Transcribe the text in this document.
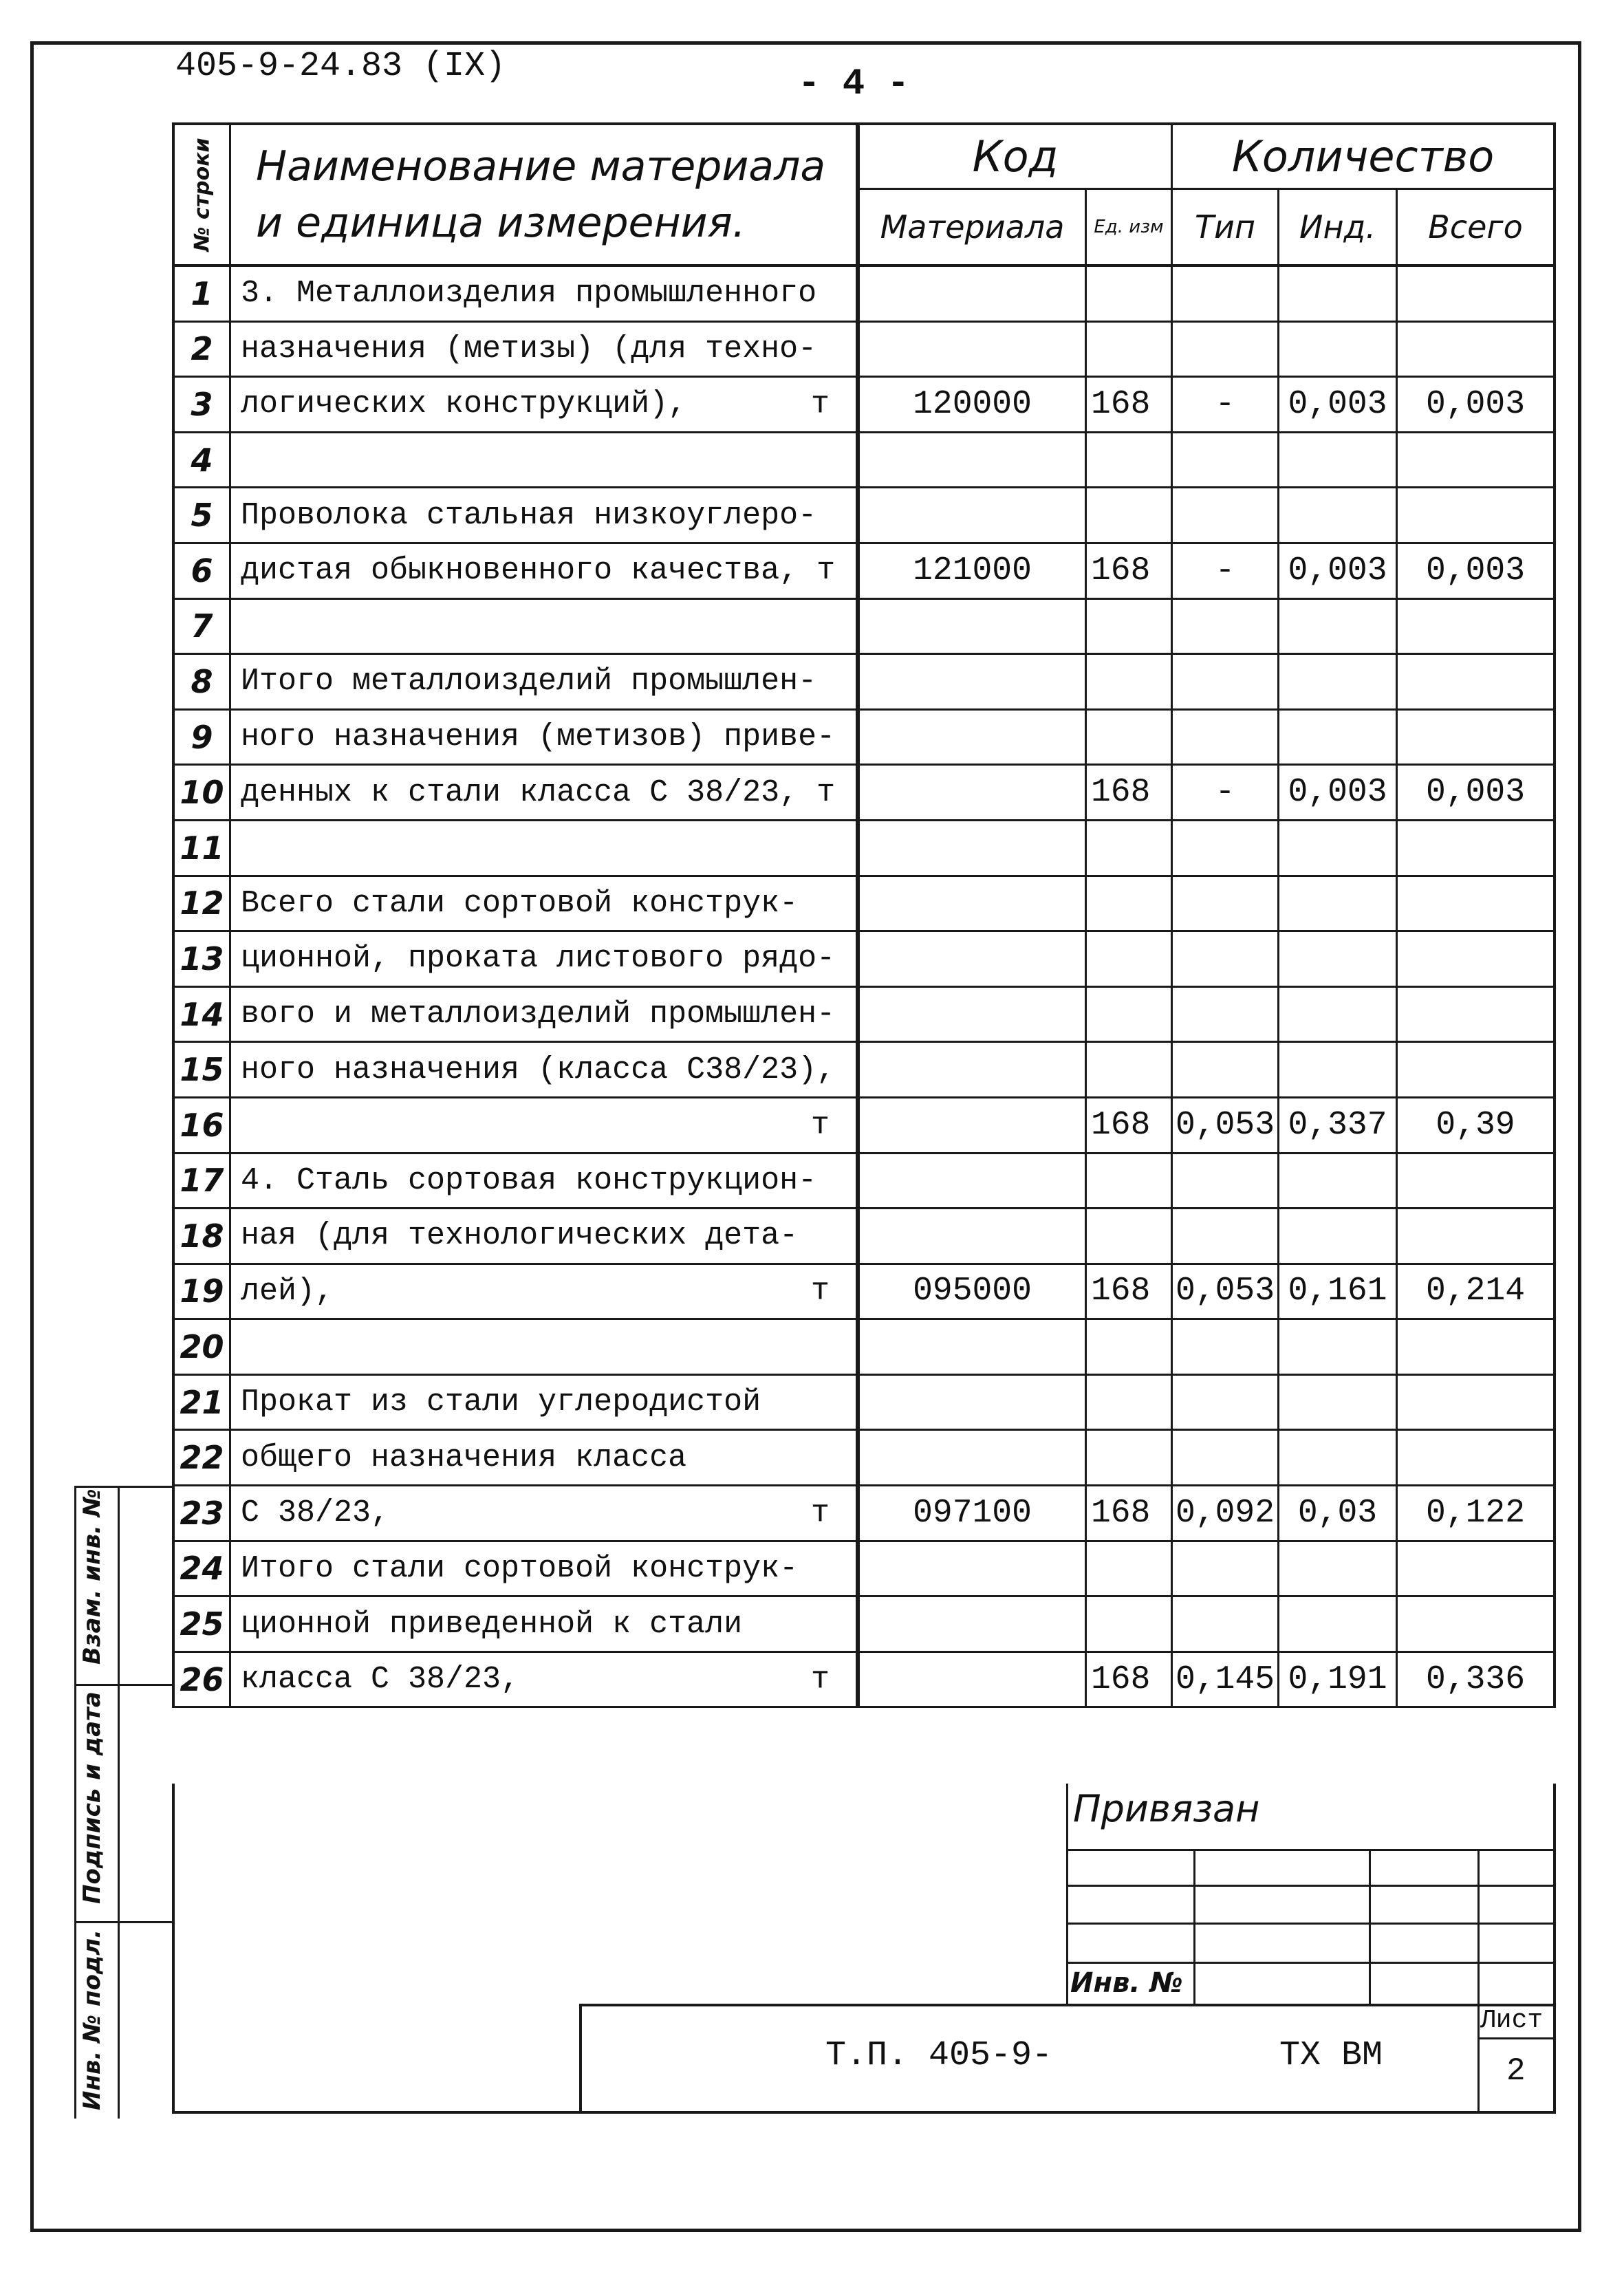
405-9-24.83 (IX)	- 4 -
№ строки Наименование материала
и единица измерения.
Код
Материала	Ед. изм
Количество
Тип	Инд.	Всего
1 3. Металлоизделия промышленного
2 назначения (метизы) (для техно-
3 логических конструкций),	т	120000 168 - 0,003 0,003
4
5 Проволока стальная низкоуглеро-
6 дистая обыкновенного качества, т 121000 168 - 0,003 0,003
7
8 Итого металлоизделий промышлен-
9 ного назначения (метизов) приве-
10 денных к стали класса С 38/23, т	168 - 0,003 0,003
11
12 Всего стали сортовой конструк-
13 ционной, проката листового рядо-
14 вого и металлоизделий промышлен-
15 ного назначения (класса С38/23),
16	т	168 0,053 0,337 0,39
17 4. Сталь сортовая конструкцион-
18 ная (для технологических дета-
19 лей),	т	095000 168 0,053 0,161 0,214
20
21 Прокат из стали углеродистой
22 общего назначения класса
23 С 38/23,	т	097100 168 0,092 0,03 0,122
24 Итого стали сортовой конструк-
25 ционной приведенной к стали
26 класса С 38/23,	т	168 0,145 0,191 0,336
Привязан
Инв. №
Т.П. 405-9-	ТХ ВМ
Лист
2
Инв. № подл.
Подпись и дата
Взам. инв. №
